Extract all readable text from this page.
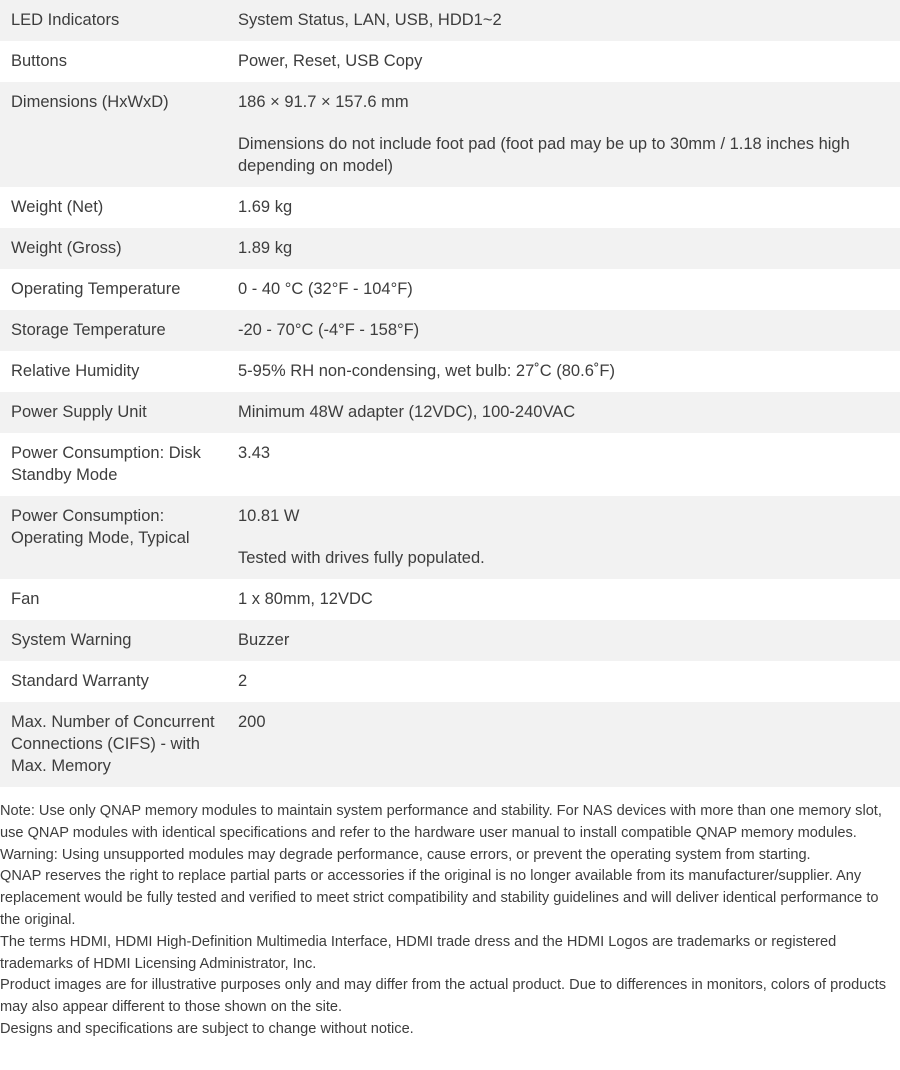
LED Indicators	System Status, LAN, USB, HDD1~2

Buttons	Power, Reset, USB Copy

Dimensions (HxWxD)	186 × 91.7 × 157.6 mm
Dimensions do not include foot pad (foot pad may be up to 30mm / 1.18 inches high depending on model)

Weight (Net)	1.69 kg

Weight (Gross)	1.89 kg

Operating Temperature	0 - 40 °C (32°F - 104°F)

Storage Temperature	-20 - 70°C (-4°F - 158°F)

Relative Humidity	5-95% RH non-condensing, wet bulb: 27˚C (80.6˚F)

Power Supply Unit	Minimum 48W adapter (12VDC), 100-240VAC

Power Consumption: Disk Standby Mode	3.43

Power Consumption: Operating Mode, Typical	10.81 W
Tested with drives fully populated.

Fan	1 x 80mm, 12VDC

System Warning	Buzzer

Standard Warranty	2

Max. Number of Concurrent Connections (CIFS) - with Max. Memory	200

Note: Use only QNAP memory modules to maintain system performance and stability. For NAS devices with more than one memory slot, use QNAP modules with identical specifications and refer to the hardware user manual to install compatible QNAP memory modules.

Warning: Using unsupported modules may degrade performance, cause errors, or prevent the operating system from starting.

QNAP reserves the right to replace partial parts or accessories if the original is no longer available from its manufacturer/supplier. Any replacement would be fully tested and verified to meet strict compatibility and stability guidelines and will deliver identical performance to the original.

The terms HDMI, HDMI High-Definition Multimedia Interface, HDMI trade dress and the HDMI Logos are trademarks or registered trademarks of HDMI Licensing Administrator, Inc.

Product images are for illustrative purposes only and may differ from the actual product. Due to differences in monitors, colors of products may also appear different to those shown on the site.

Designs and specifications are subject to change without notice.
